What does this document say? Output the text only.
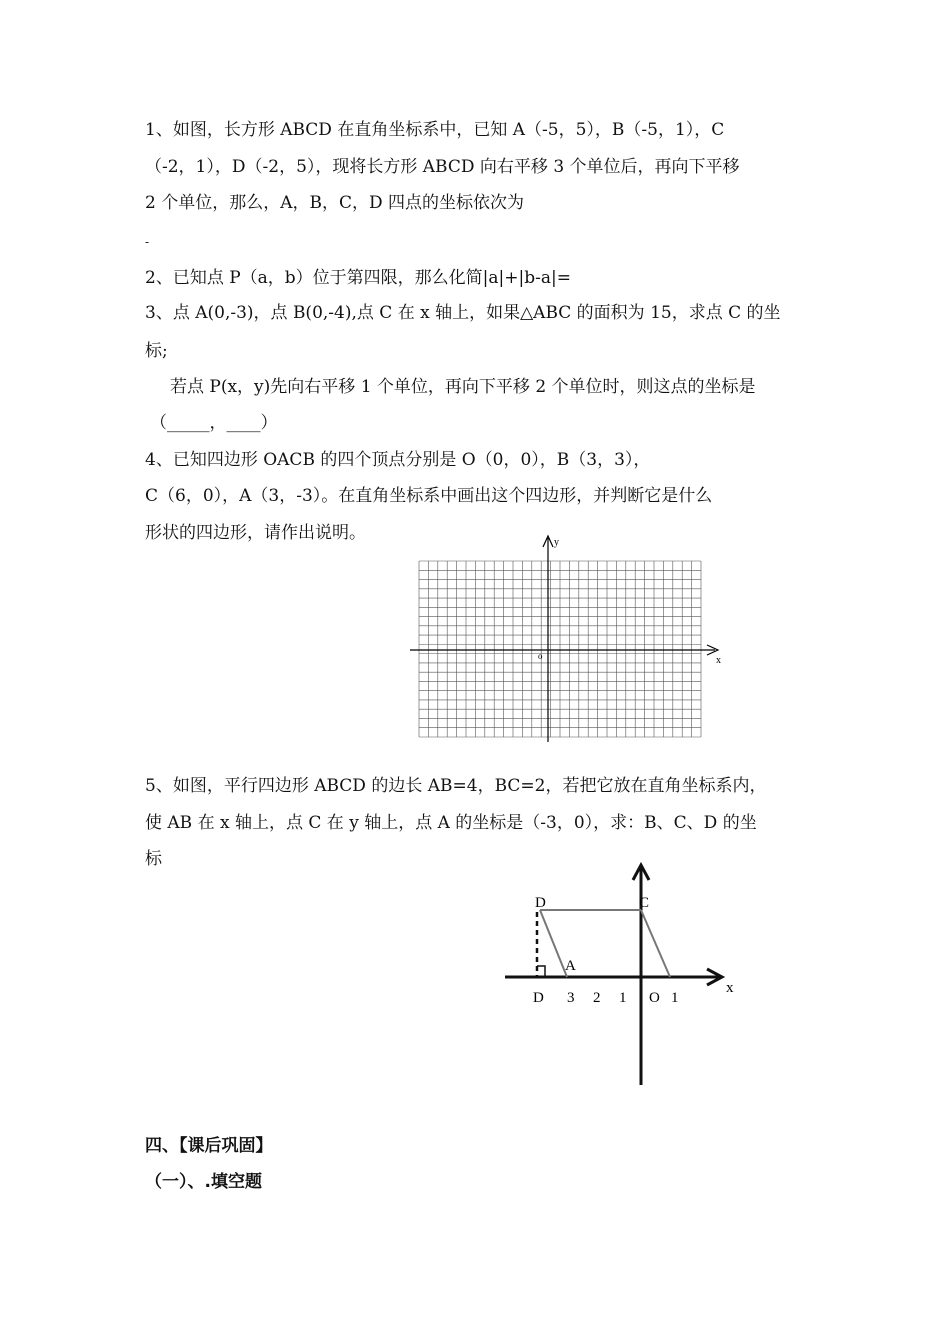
1、如图，长方形 ABCD 在直角坐标系中，已知 A（-5，5），B（-5，1），C
（-2，1），D（-2，5），现将长方形 ABCD 向右平移 3 个单位后，再向下平移
2 个单位，那么，A，B，C，D 四点的坐标依次为
-
2、已知点 P（a，b）位于第四限，那么化简|a|+|b-a|=
3、点 A(0,-3)，点 B(0,-4),点 C 在 x 轴上，如果△ABC 的面积为 15，求点 C 的坐
标;
若点 P(x，y)先向右平移 1 个单位，再向下平移 2 个单位时，则这点的坐标是
（_____，____）
4、已知四边形 OACB 的四个顶点分别是 O（0，0），B（3，3），
C（6，0），A（3，-3）。在直角坐标系中画出这个四边形，并判断它是什么
形状的四边形，请作出说明。	y
x
o
5、如图，平行四边形 ABCD 的边长 AB=4，BC=2，若把它放在直角坐标系内，
使 AB 在 x 轴上，点 C 在 y 轴上，点 A 的坐标是（-3，0），求：B、C、D 的坐
标
D	C
A
x
D 3 2 1 O 1
四、【课后巩固】
（一）、.填空题
